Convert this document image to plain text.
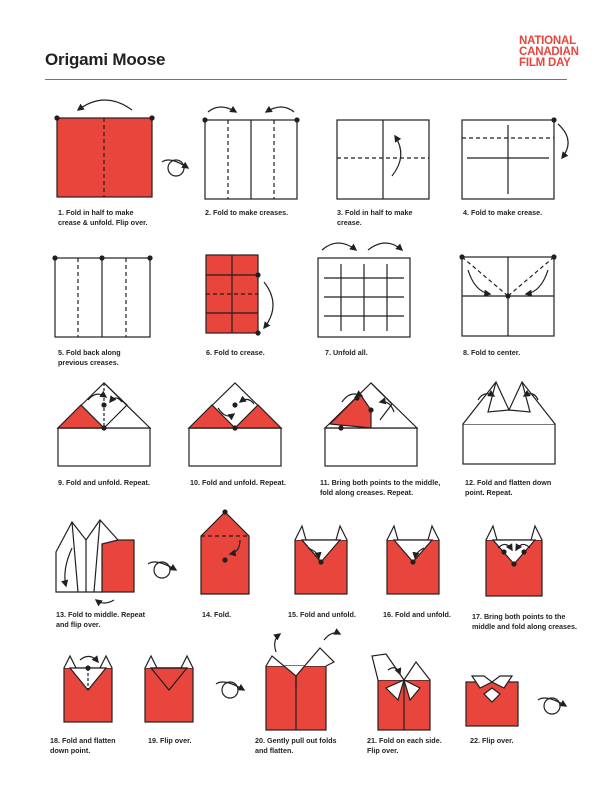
Origami Moose
NATIONAL
CANADIAN
FILM DAY
1. Fold in half to make
crease & unfold. Flip over.
2. Fold to make creases.	3. Fold in half to make
crease.
4. Fold to make crease.
5. Fold back along
previous creases.
6. Fold to crease.	7. Unfold all.	8. Fold to center.
9. Fold and unfold. Repeat.	10. Fold and unfold. Repeat.	11. Bring both points to the middle,
fold along creases. Repeat.
12. Fold and flatten down
point. Repeat.
13. Fold to middle. Repeat
and flip over.
14. Fold.	15. Fold and unfold.	16. Fold and unfold.	17. Bring both points to the
middle and fold along creases.
18. Fold and flatten
down point.
19. Flip over.	20. Gently pull out folds
and flatten.
21. Fold on each side.
Flip over.
22. Flip over.
